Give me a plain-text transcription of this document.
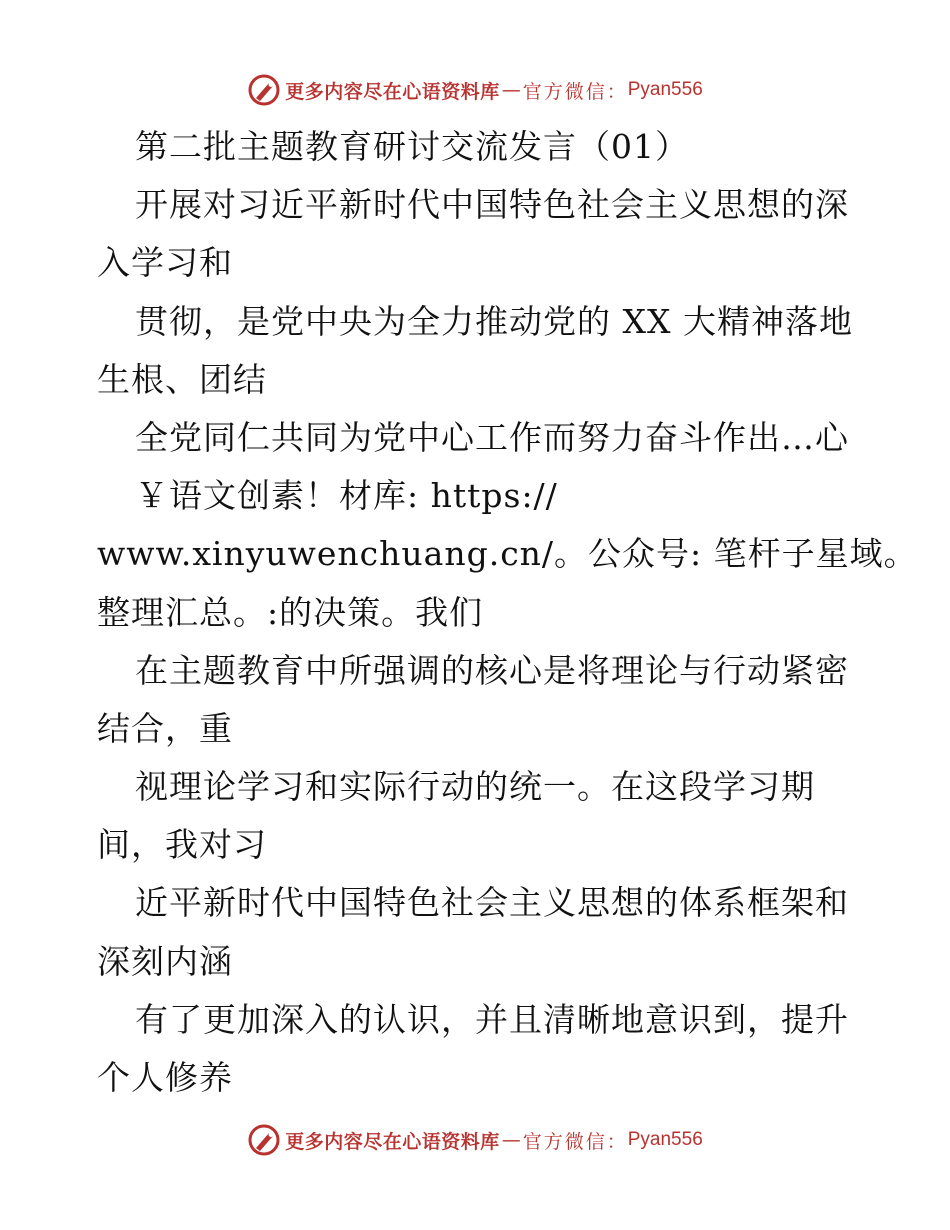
更多内容尽在心语资料库 — 官方微信： Pyan556
第二批主题教育研讨交流发言（01）
开展对习近平新时代中国特色社会主义思想的深
入学习和
贯彻，是党中央为全力推动党的 XX 大精神落地
生根、团结
全党同仁共同为党中心工作而努力奋斗作出…心
￥语文创素！材库: https://
www.xinyuwenchuang.cn/。公众号: 笔杆子星域。
整理汇总。:的决策。我们
在主题教育中所强调的核心是将理论与行动紧密
结合，重
视理论学习和实际行动的统一。在这段学习期
间，我对习
近平新时代中国特色社会主义思想的体系框架和
深刻内涵
有了更加深入的认识，并且清晰地意识到，提升
个人修养
更多内容尽在心语资料库 — 官方微信： Pyan556
